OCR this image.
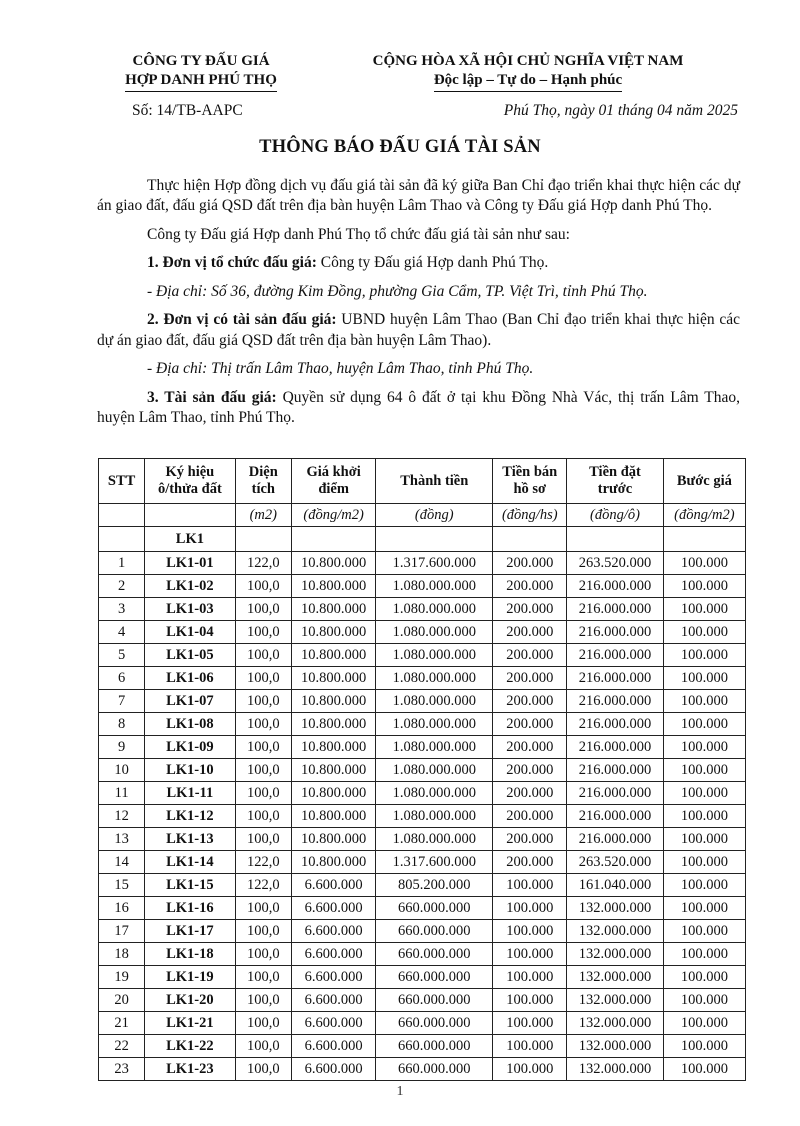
CÔNG TY ĐẤU GIÁ
HỢP DANH PHÚ THỌ
CỘNG HÒA XÃ HỘI CHỦ NGHĨA VIỆT NAM
Độc lập – Tự do – Hạnh phúc
Số: 14/TB-AAPC	Phú Thọ, ngày 01 tháng 04 năm 2025
THÔNG BÁO ĐẤU GIÁ TÀI SẢN

Thực hiện Hợp đồng dịch vụ đấu giá tài sản đã ký giữa Ban Chỉ đạo triển khai thực hiện các dự án giao đất, đấu giá QSD đất trên địa bàn huyện Lâm Thao và Công ty Đấu giá Hợp danh Phú Thọ.

Công ty Đấu giá Hợp danh Phú Thọ tổ chức đấu giá tài sản như sau:

1. Đơn vị tổ chức đấu giá: Công ty Đấu giá Hợp danh Phú Thọ.

- Địa chỉ: Số 36, đường Kim Đồng, phường Gia Cẩm, TP. Việt Trì, tỉnh Phú Thọ.

2. Đơn vị có tài sản đấu giá: UBND huyện Lâm Thao (Ban Chỉ đạo triển khai thực hiện các dự án giao đất, đấu giá QSD đất trên địa bàn huyện Lâm Thao).

- Địa chỉ: Thị trấn Lâm Thao, huyện Lâm Thao, tỉnh Phú Thọ.

3. Tài sản đấu giá: Quyền sử dụng 64 ô đất ở tại khu Đồng Nhà Vác, thị trấn Lâm Thao, huyện Lâm Thao, tỉnh Phú Thọ.

STT	Ký hiệu ô/thửa đất	Diện tích	Giá khởi điểm	Thành tiền	Tiền bán hồ sơ	Tiền đặt trước	Bước giá
		(m2)	(đồng/m2)	(đồng)	(đồng/hs)	(đồng/ô)	(đồng/m2)
	LK1						
1	LK1-01	122,0	10.800.000	1.317.600.000	200.000	263.520.000	100.000
2	LK1-02	100,0	10.800.000	1.080.000.000	200.000	216.000.000	100.000
3	LK1-03	100,0	10.800.000	1.080.000.000	200.000	216.000.000	100.000
4	LK1-04	100,0	10.800.000	1.080.000.000	200.000	216.000.000	100.000
5	LK1-05	100,0	10.800.000	1.080.000.000	200.000	216.000.000	100.000
6	LK1-06	100,0	10.800.000	1.080.000.000	200.000	216.000.000	100.000
7	LK1-07	100,0	10.800.000	1.080.000.000	200.000	216.000.000	100.000
8	LK1-08	100,0	10.800.000	1.080.000.000	200.000	216.000.000	100.000
9	LK1-09	100,0	10.800.000	1.080.000.000	200.000	216.000.000	100.000
10	LK1-10	100,0	10.800.000	1.080.000.000	200.000	216.000.000	100.000
11	LK1-11	100,0	10.800.000	1.080.000.000	200.000	216.000.000	100.000
12	LK1-12	100,0	10.800.000	1.080.000.000	200.000	216.000.000	100.000
13	LK1-13	100,0	10.800.000	1.080.000.000	200.000	216.000.000	100.000
14	LK1-14	122,0	10.800.000	1.317.600.000	200.000	263.520.000	100.000
15	LK1-15	122,0	6.600.000	805.200.000	100.000	161.040.000	100.000
16	LK1-16	100,0	6.600.000	660.000.000	100.000	132.000.000	100.000
17	LK1-17	100,0	6.600.000	660.000.000	100.000	132.000.000	100.000
18	LK1-18	100,0	6.600.000	660.000.000	100.000	132.000.000	100.000
19	LK1-19	100,0	6.600.000	660.000.000	100.000	132.000.000	100.000
20	LK1-20	100,0	6.600.000	660.000.000	100.000	132.000.000	100.000
21	LK1-21	100,0	6.600.000	660.000.000	100.000	132.000.000	100.000
22	LK1-22	100,0	6.600.000	660.000.000	100.000	132.000.000	100.000
23	LK1-23	100,0	6.600.000	660.000.000	100.000	132.000.000	100.000
1
